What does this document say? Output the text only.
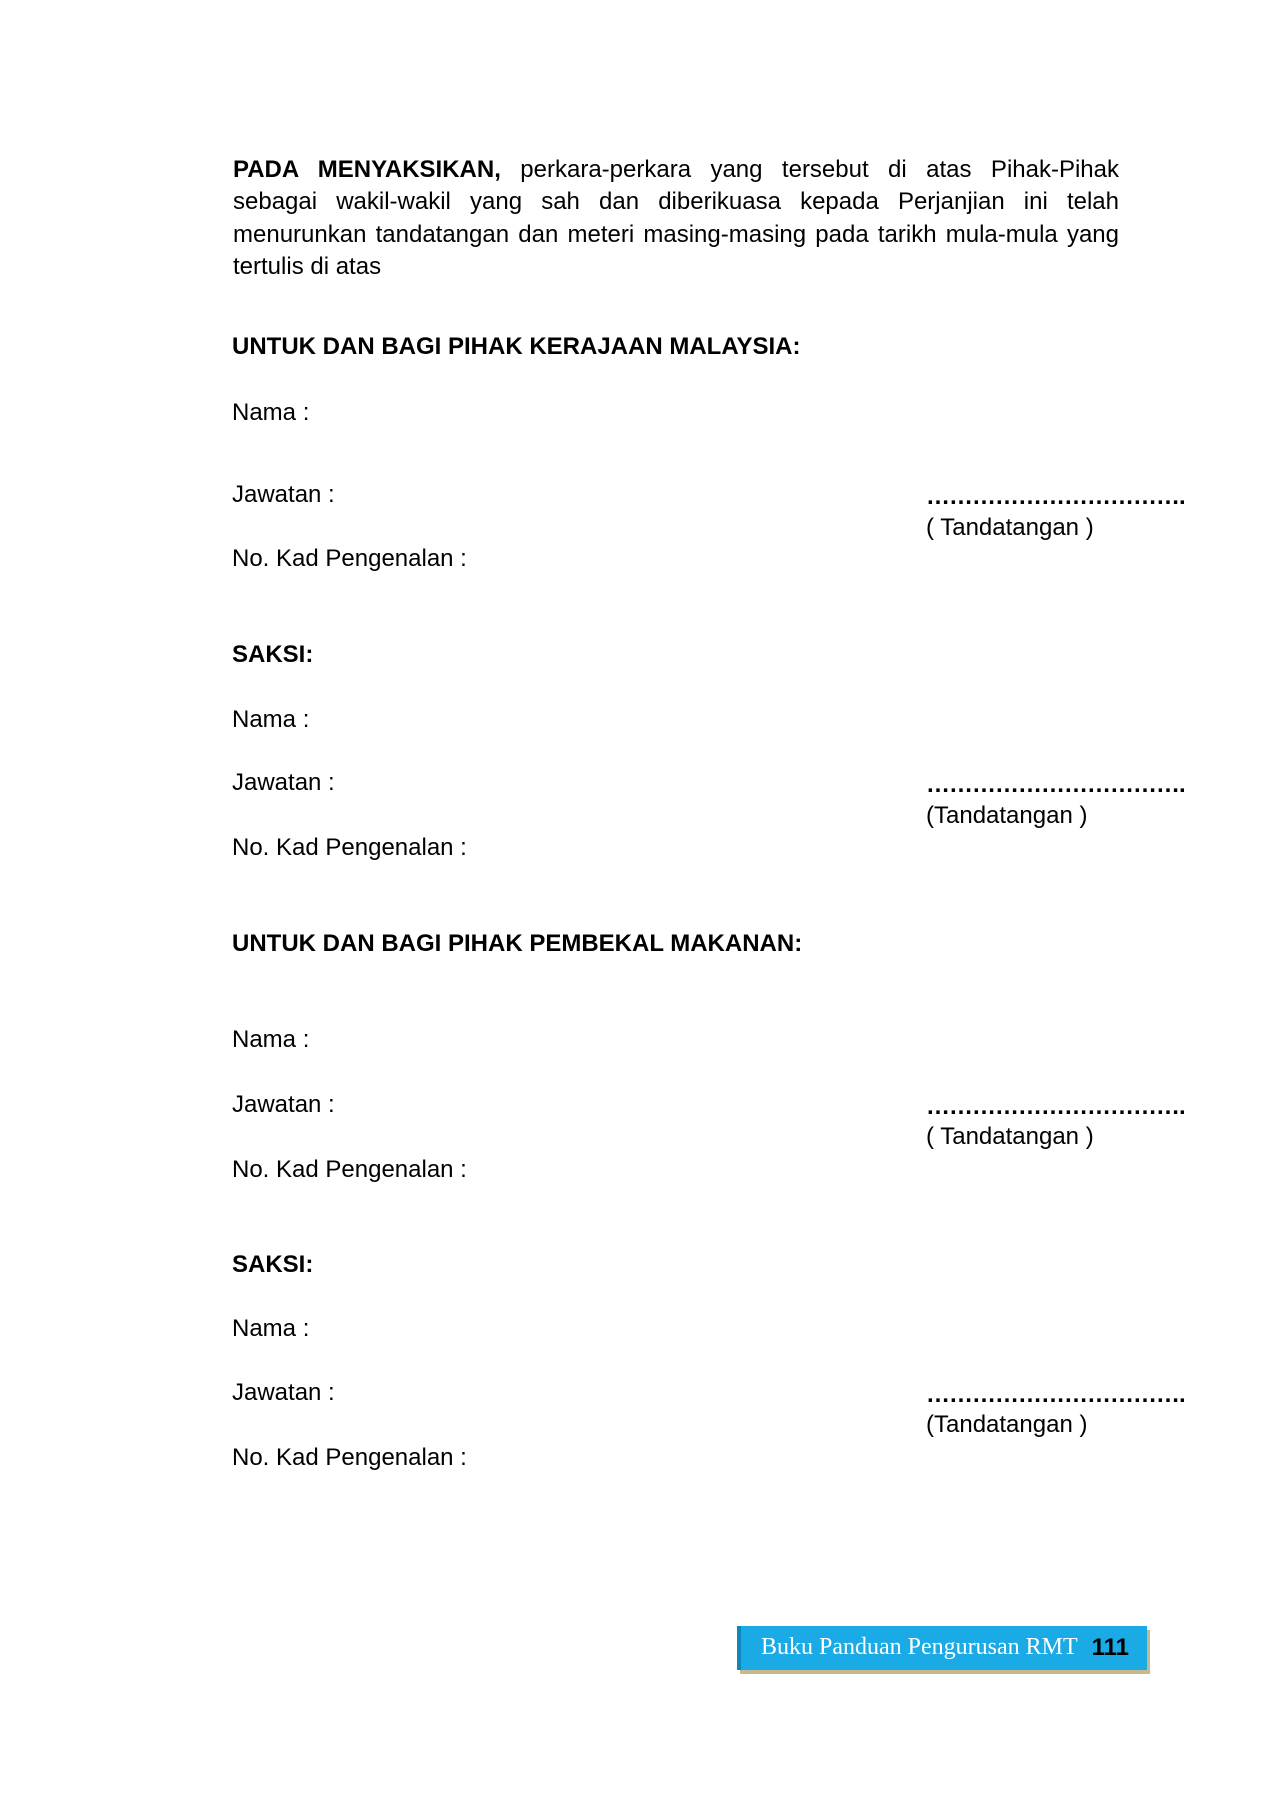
PADA MENYAKSIKAN, perkara-perkara yang tersebut di atas Pihak-Pihak sebagai wakil-wakil yang sah dan diberikuasa kepada Perjanjian ini telah menurunkan tandatangan dan meteri masing-masing pada tarikh mula-mula yang tertulis di atas
UNTUK DAN BAGI PIHAK KERAJAAN MALAYSIA:
Nama :
Jawatan :	…………………………….
( Tandatangan )
No. Kad Pengenalan :
SAKSI:
Nama :
Jawatan :	…………………………….
(Tandatangan )
No. Kad Pengenalan :
UNTUK DAN BAGI PIHAK PEMBEKAL MAKANAN:
Nama :
Jawatan :	…………………………….
( Tandatangan )
No. Kad Pengenalan :
SAKSI:
Nama :
Jawatan :	…………………………….
(Tandatangan )
No. Kad Pengenalan :
Buku Panduan Pengurusan RMT 111
